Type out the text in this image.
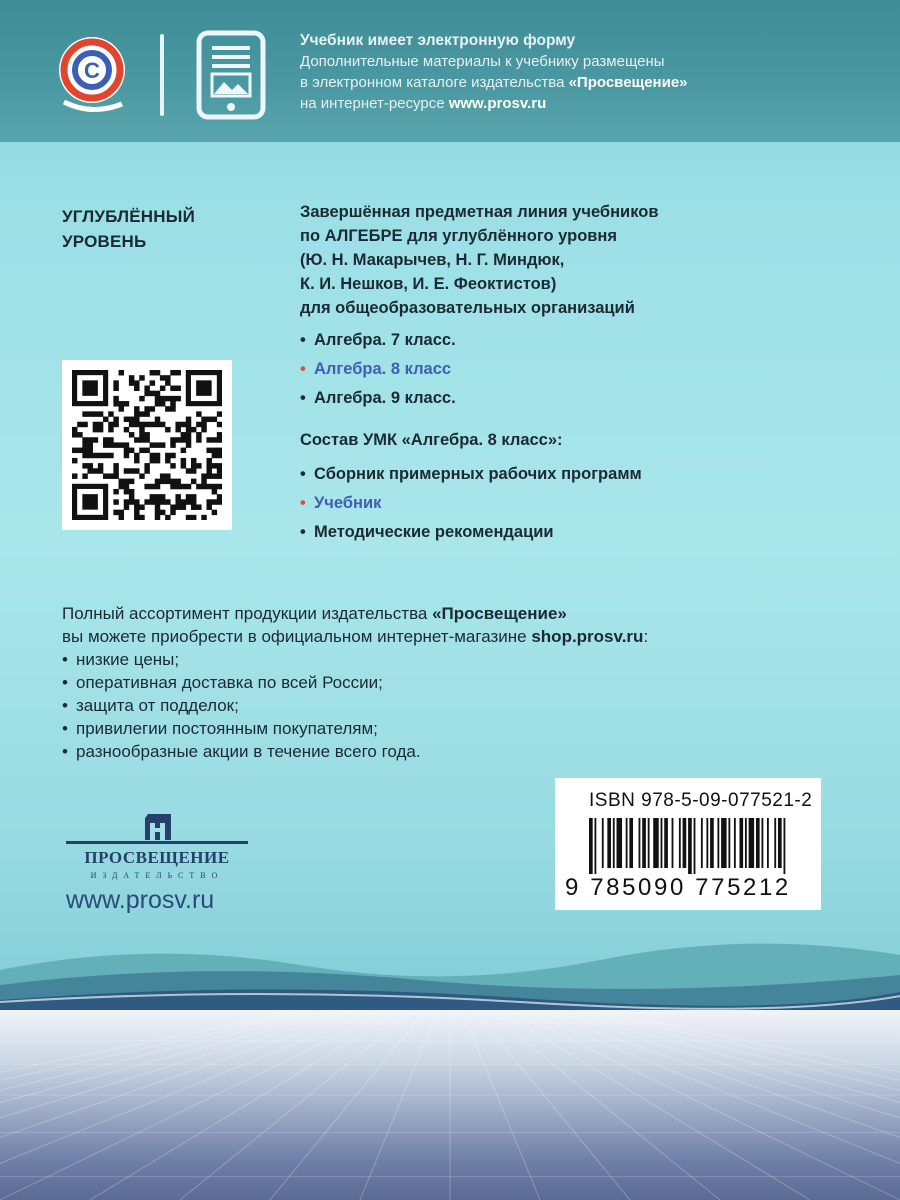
C
Учебник имеет электронную форму
Дополнительные материалы к учебнику размещены
в электронном каталоге издательства «Просвещение»
на интернет-ресурсе www.prosv.ru
УГЛУБЛЁННЫЙ
УРОВЕНЬ
Завершённая предметная линия учебников
по АЛГЕБРЕ для углублённого уровня
(Ю. Н. Макарычев, Н. Г. Миндюк,
К. И. Нешков, И. Е. Феоктистов)
для общеобразовательных организаций
• Алгебра. 7 класс.
• Алгебра. 8 класс
• Алгебра. 9 класс.
Состав УМК «Алгебра. 8 класс»:
• Сборник примерных рабочих программ
• Учебник
• Методические рекомендации
Полный ассортимент продукции издательства «Просвещение»
вы можете приобрести в официальном интернет-магазине shop.prosv.ru:
• низкие цены;
• оперативная доставка по всей России;
• защита от подделок;
• привилегии постоянным покупателям;
• разнообразные акции в течение всего года.
ПРОСВЕЩЕНИЕ
ИЗДАТЕЛЬСТВО
www.prosv.ru
ISBN 978-5-09-077521-2
9 785090 775212
